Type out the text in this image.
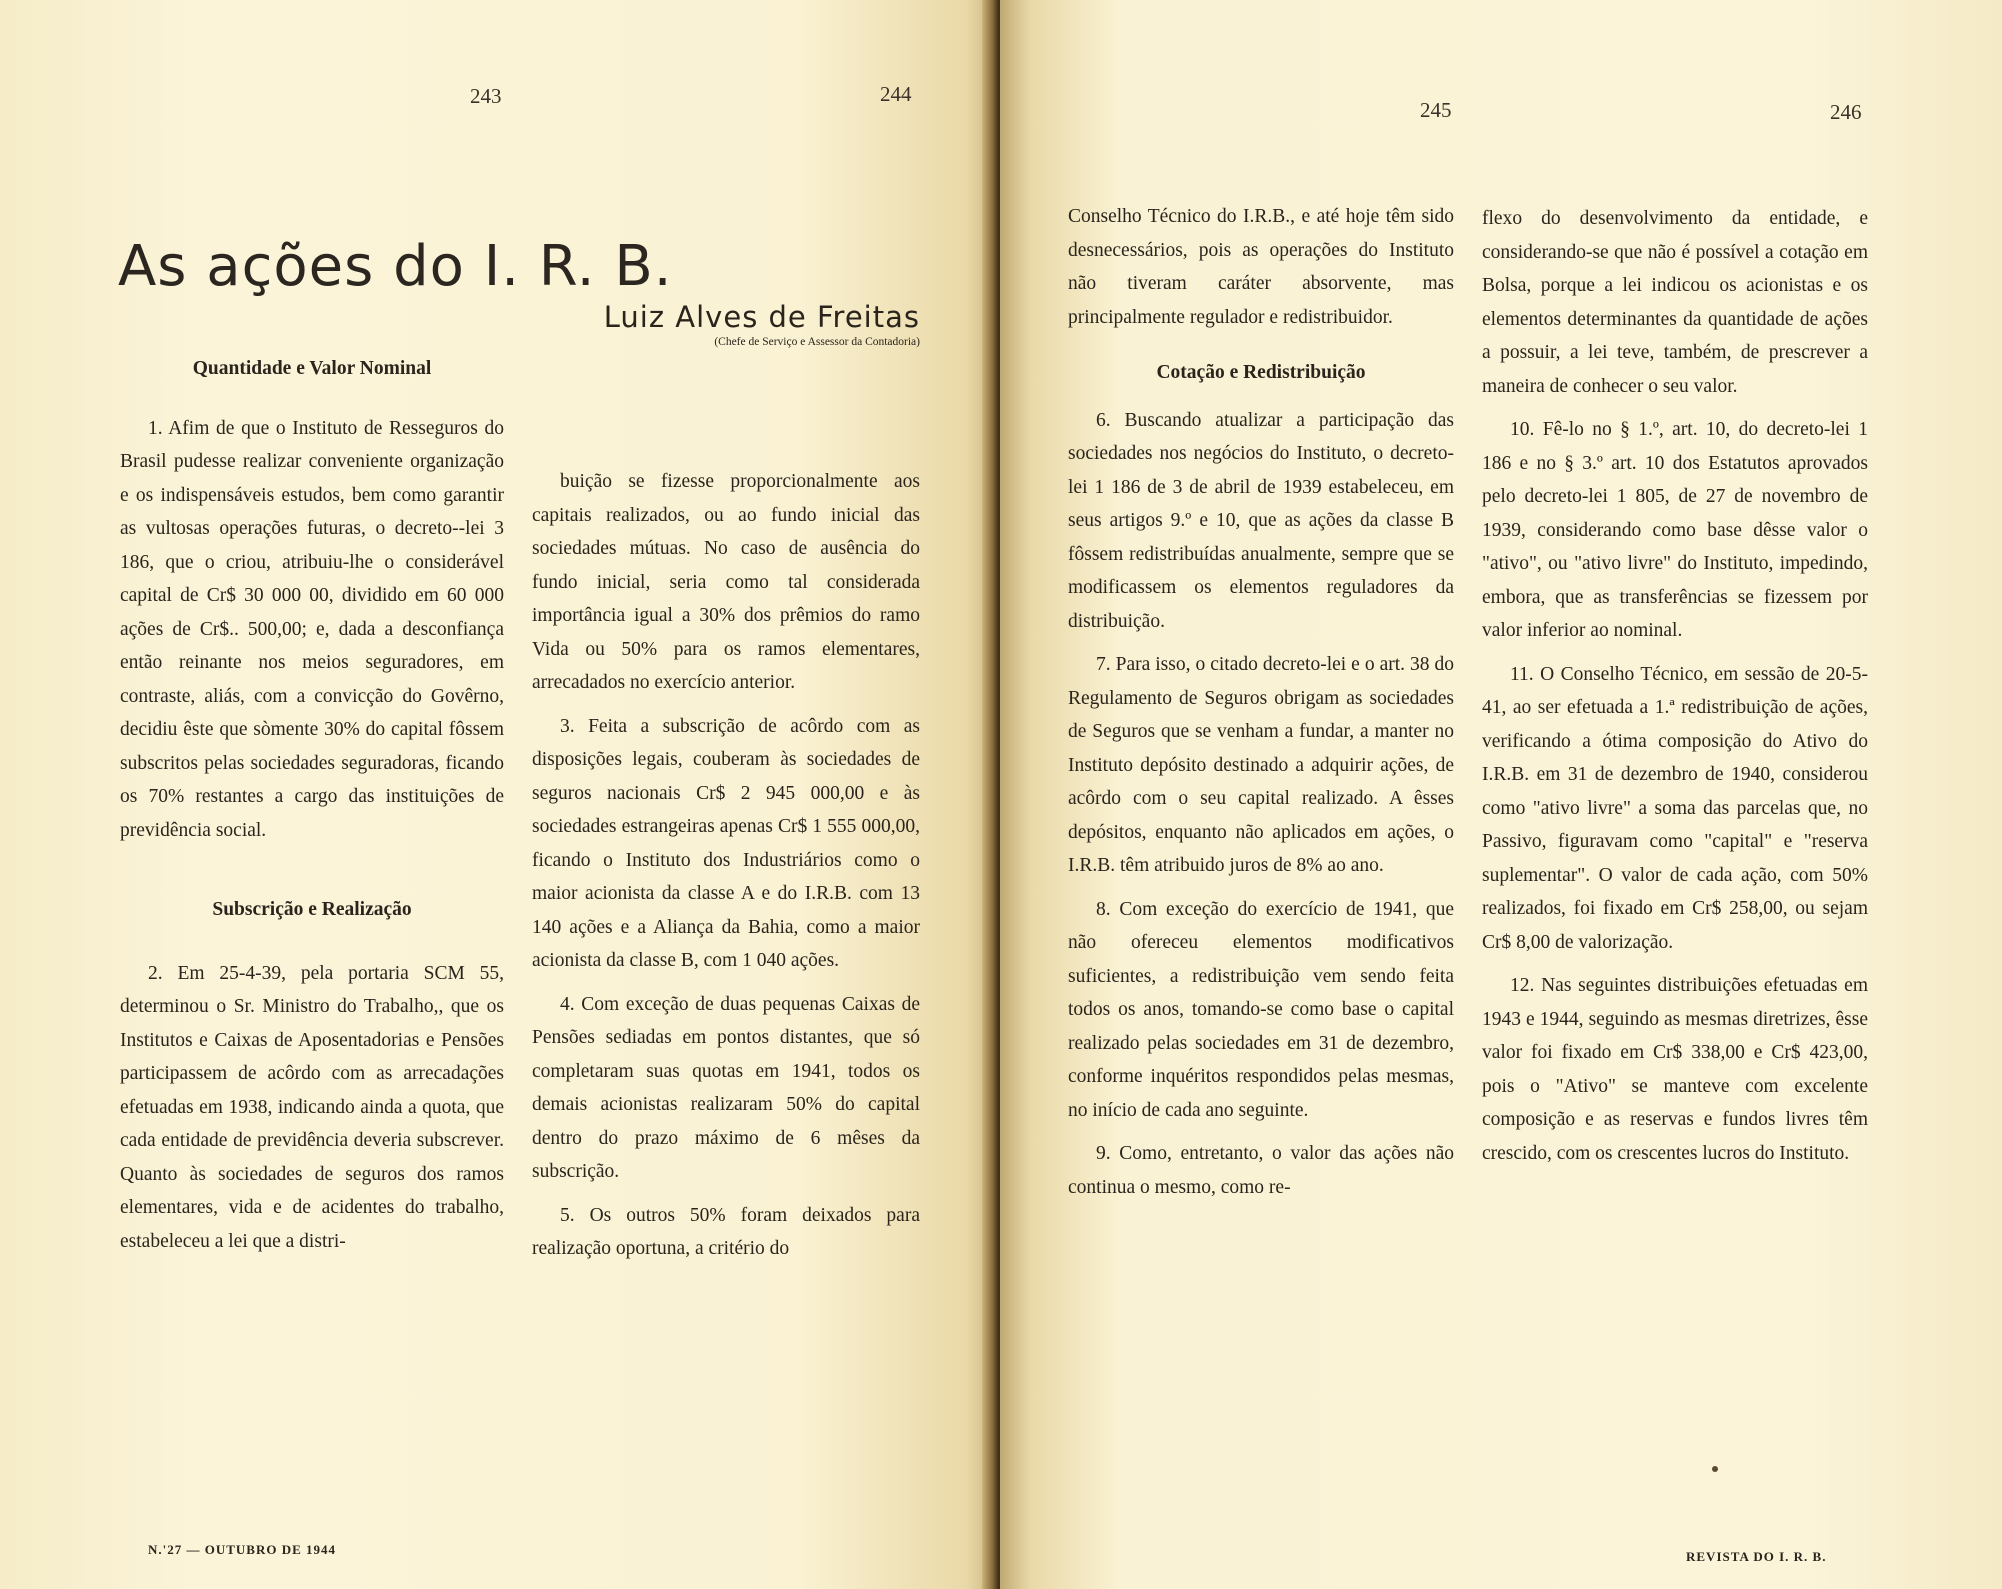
243	244
As ações do I. R. B.
Luiz Alves de Freitas
(Chefe de Serviço e Assessor da Contadoria)
Quantidade e Valor Nominal

1. Afim de que o Instituto de Resseguros do Brasil pudesse realizar conveniente organização e os indispensáveis estudos, bem como garantir as vultosas operações futuras, o decreto--lei 3 186, que o criou, atribuiu-lhe o considerável capital de Cr$ 30 000 00, dividido em 60 000 ações de Cr$.. 500,00; e, dada a desconfiança então reinante nos meios seguradores, em contraste, aliás, com a convicção do Govêrno, decidiu êste que sòmente 30% do capital fôssem subscritos pelas sociedades seguradoras, ficando os 70% restantes a cargo das instituições de previdência social.

Subscrição e Realização

2. Em 25-4-39, pela portaria SCM 55, determinou o Sr. Ministro do Trabalho,, que os Institutos e Caixas de Aposentadorias e Pensões participassem de acôrdo com as arrecadações efetuadas em 1938, indicando ainda a quota, que cada entidade de previdência deveria subscrever. Quanto às sociedades de seguros dos ramos elementares, vida e de acidentes do trabalho, estabeleceu a lei que a distri-

buição se fizesse proporcionalmente aos capitais realizados, ou ao fundo inicial das sociedades mútuas. No caso de ausência do fundo inicial, seria como tal considerada importância igual a 30% dos prêmios do ramo Vida ou 50% para os ramos elementares, arrecadados no exercício anterior.

3. Feita a subscrição de acôrdo com as disposições legais, couberam às sociedades de seguros nacionais Cr$ 2 945 000,00 e às sociedades estrangeiras apenas Cr$ 1 555 000,00, ficando o Instituto dos Industriários como o maior acionista da classe A e do I.R.B. com 13 140 ações e a Aliança da Bahia, como a maior acionista da classe B, com 1 040 ações.

4. Com exceção de duas pequenas Caixas de Pensões sediadas em pontos distantes, que só completaram suas quotas em 1941, todos os demais acionistas realizaram 50% do capital dentro do prazo máximo de 6 mêses da subscrição.

5. Os outros 50% foram deixados para realização oportuna, a critério do

N.'27 — OUTUBRO DE 1944
245	246

Conselho Técnico do I.R.B., e até hoje têm sido desnecessários, pois as operações do Instituto não tiveram caráter absorvente, mas principalmente regulador e redistribuidor.

Cotação e Redistribuição

6. Buscando atualizar a participação das sociedades nos negócios do Instituto, o decreto-lei 1 186 de 3 de abril de 1939 estabeleceu, em seus artigos 9.º e 10, que as ações da classe B fôssem redistribuídas anualmente, sempre que se modificassem os elementos reguladores da distribuição.

7. Para isso, o citado decreto-lei e o art. 38 do Regulamento de Seguros obrigam as sociedades de Seguros que se venham a fundar, a manter no Instituto depósito destinado a adquirir ações, de acôrdo com o seu capital realizado. A êsses depósitos, enquanto não aplicados em ações, o I.R.B. têm atribuido juros de 8% ao ano.

8. Com exceção do exercício de 1941, que não ofereceu elementos modificativos suficientes, a redistribuição vem sendo feita todos os anos, tomando-se como base o capital realizado pelas sociedades em 31 de dezembro, conforme inquéritos respondidos pelas mesmas, no início de cada ano seguinte.

9. Como, entretanto, o valor das ações não continua o mesmo, como re-

flexo do desenvolvimento da entidade, e considerando-se que não é possível a cotação em Bolsa, porque a lei indicou os acionistas e os elementos determinantes da quantidade de ações a possuir, a lei teve, também, de prescrever a maneira de conhecer o seu valor.

10. Fê-lo no § 1.º, art. 10, do decreto-lei 1 186 e no § 3.º art. 10 dos Estatutos aprovados pelo decreto-lei 1 805, de 27 de novembro de 1939, considerando como base dêsse valor o "ativo", ou "ativo livre" do Instituto, impedindo, embora, que as transferências se fizessem por valor inferior ao nominal.

11. O Conselho Técnico, em sessão de 20-5-41, ao ser efetuada a 1.ª redistribuição de ações, verificando a ótima composição do Ativo do I.R.B. em 31 de dezembro de 1940, considerou como "ativo livre" a soma das parcelas que, no Passivo, figuravam como "capital" e "reserva suplementar". O valor de cada ação, com 50% realizados, foi fixado em Cr$ 258,00, ou sejam Cr$ 8,00 de valorização.

12. Nas seguintes distribuições efetuadas em 1943 e 1944, seguindo as mesmas diretrizes, êsse valor foi fixado em Cr$ 338,00 e Cr$ 423,00, pois o "Ativo" se manteve com excelente composição e as reservas e fundos livres têm crescido, com os crescentes lucros do Instituto.

REVISTA DO I. R. B.
